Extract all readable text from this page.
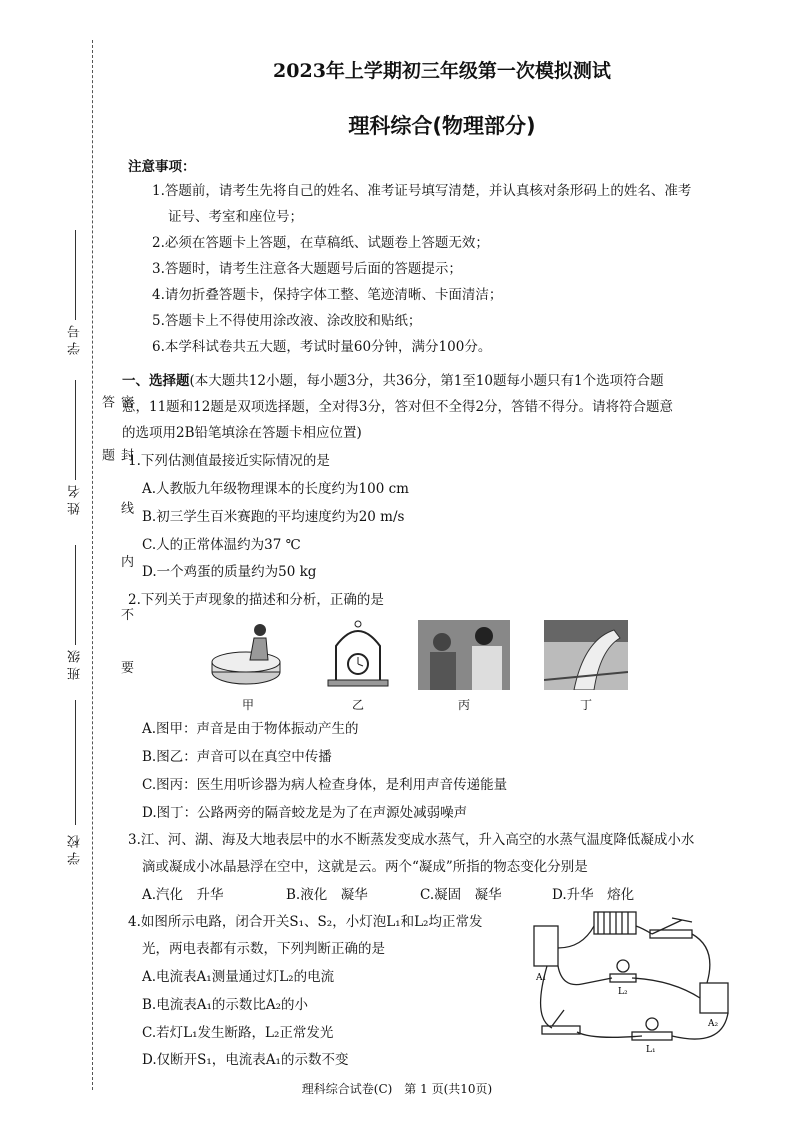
密 封 线 内 不 要 答 题
学 号
姓 名
班 级
学 校
2023年上学期初三年级第一次模拟测试
理科综合(物理部分)
注意事项：
1.答题前，请考生先将自己的姓名、准考证号填写清楚，并认真核对条形码上的姓名、准考
证号、考室和座位号；
2.必须在答题卡上答题，在草稿纸、试题卷上答题无效；
3.答题时，请考生注意各大题题号后面的答题提示；
4.请勿折叠答题卡，保持字体工整、笔迹清晰、卡面清洁；
5.答题卡上不得使用涂改液、涂改胶和贴纸；
6.本学科试卷共五大题，考试时量60分钟，满分100分。
一、选择题(本大题共12小题，每小题3分，共36分，第1至10题每小题只有1个选项符合题
意，11题和12题是双项选择题，全对得3分，答对但不全得2分，答错不得分。请将符合题意
的选项用2B铅笔填涂在答题卡相应位置)
1.下列估测值最接近实际情况的是
A.人教版九年级物理课本的长度约为100 cm
B.初三学生百米赛跑的平均速度约为20 m/s
C.人的正常体温约为37 ℃
D.一个鸡蛋的质量约为50 kg
2.下列关于声现象的描述和分析，正确的是
甲	乙	丙	丁
A.图甲：声音是由于物体振动产生的
B.图乙：声音可以在真空中传播
C.图丙：医生用听诊器为病人检查身体，是利用声音传递能量
D.图丁：公路两旁的隔音蛟龙是为了在声源处减弱噪声
3.江、河、湖、海及大地表层中的水不断蒸发变成水蒸气，升入高空的水蒸气温度降低凝成小水
滴或凝成小冰晶悬浮在空中，这就是云。两个“凝成”所指的物态变化分别是
A.汽化　升华	B.液化　凝华	C.凝固　凝华	D.升华　熔化
4.如图所示电路，闭合开关S₁、S₂，小灯泡L₁和L₂均正常发
光，两电表都有示数，下列判断正确的是
A.电流表A₁测量通过灯L₂的电流
B.电流表A₁的示数比A₂的小
C.若灯L₁发生断路，L₂正常发光
D.仅断开S₁，电流表A₁的示数不变
A₁
L₂
A₂
L₁
理科综合试卷(C)　第 1 页(共10页)
